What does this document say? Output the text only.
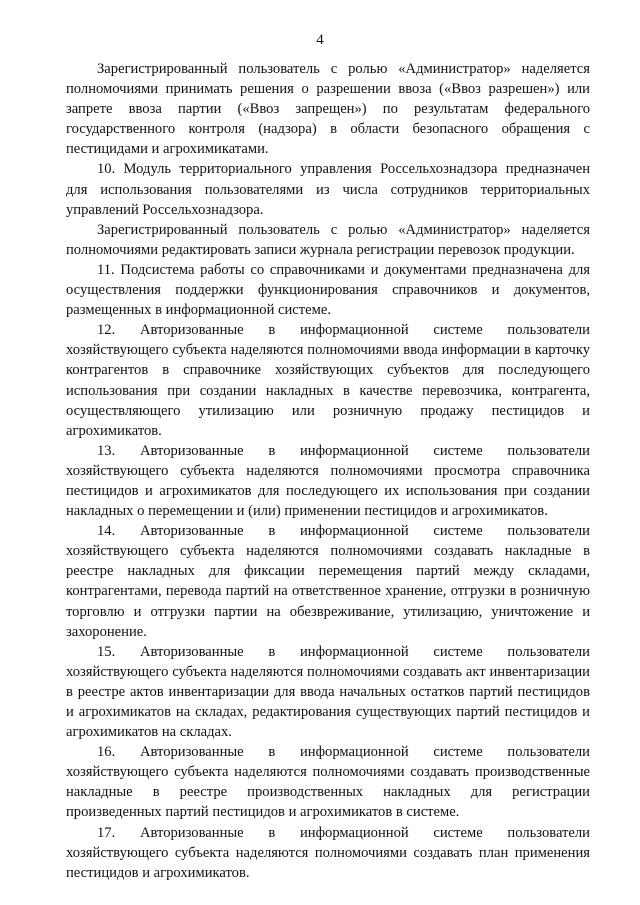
4

Зарегистрированный пользователь с ролью «Администратор» наделяется полномочиями принимать решения о разрешении ввоза («Ввоз разрешен») или запрете ввоза партии («Ввоз запрещен») по результатам федерального государственного контроля (надзора) в области безопасного обращения с пестицидами и агрохимикатами.

10. Модуль территориального управления Россельхознадзора предназначен для использования пользователями из числа сотрудников территориальных управлений Россельхознадзора.

Зарегистрированный пользователь с ролью «Администратор» наделяется полномочиями редактировать записи журнала регистрации перевозок продукции.

11. Подсистема работы со справочниками и документами предназначена для осуществления поддержки функционирования справочников и документов, размещенных в информационной системе.

12. Авторизованные в информационной системе пользователи хозяйствующего субъекта наделяются полномочиями ввода информации в карточку контрагентов в справочнике хозяйствующих субъектов для последующего использования при создании накладных в качестве перевозчика, контрагента, осуществляющего утилизацию или розничную продажу пестицидов и агрохимикатов.

13. Авторизованные в информационной системе пользователи хозяйствующего субъекта наделяются полномочиями просмотра справочника пестицидов и агрохимикатов для последующего их использования при создании накладных о перемещении и (или) применении пестицидов и агрохимикатов.

14. Авторизованные в информационной системе пользователи хозяйствующего субъекта наделяются полномочиями создавать накладные в реестре накладных для фиксации перемещения партий между складами, контрагентами, перевода партий на ответственное хранение, отгрузки в розничную торговлю и отгрузки партии на обезвреживание, утилизацию, уничтожение и захоронение.

15. Авторизованные в информационной системе пользователи хозяйствующего субъекта наделяются полномочиями создавать акт инвентаризации в реестре актов инвентаризации для ввода начальных остатков партий пестицидов и агрохимикатов на складах, редактирования существующих партий пестицидов и агрохимикатов на складах.

16. Авторизованные в информационной системе пользователи хозяйствующего субъекта наделяются полномочиями создавать производственные накладные в реестре производственных накладных для регистрации произведенных партий пестицидов и агрохимикатов в системе.

17. Авторизованные в информационной системе пользователи хозяйствующего субъекта наделяются полномочиями создавать план применения пестицидов и агрохимикатов.
